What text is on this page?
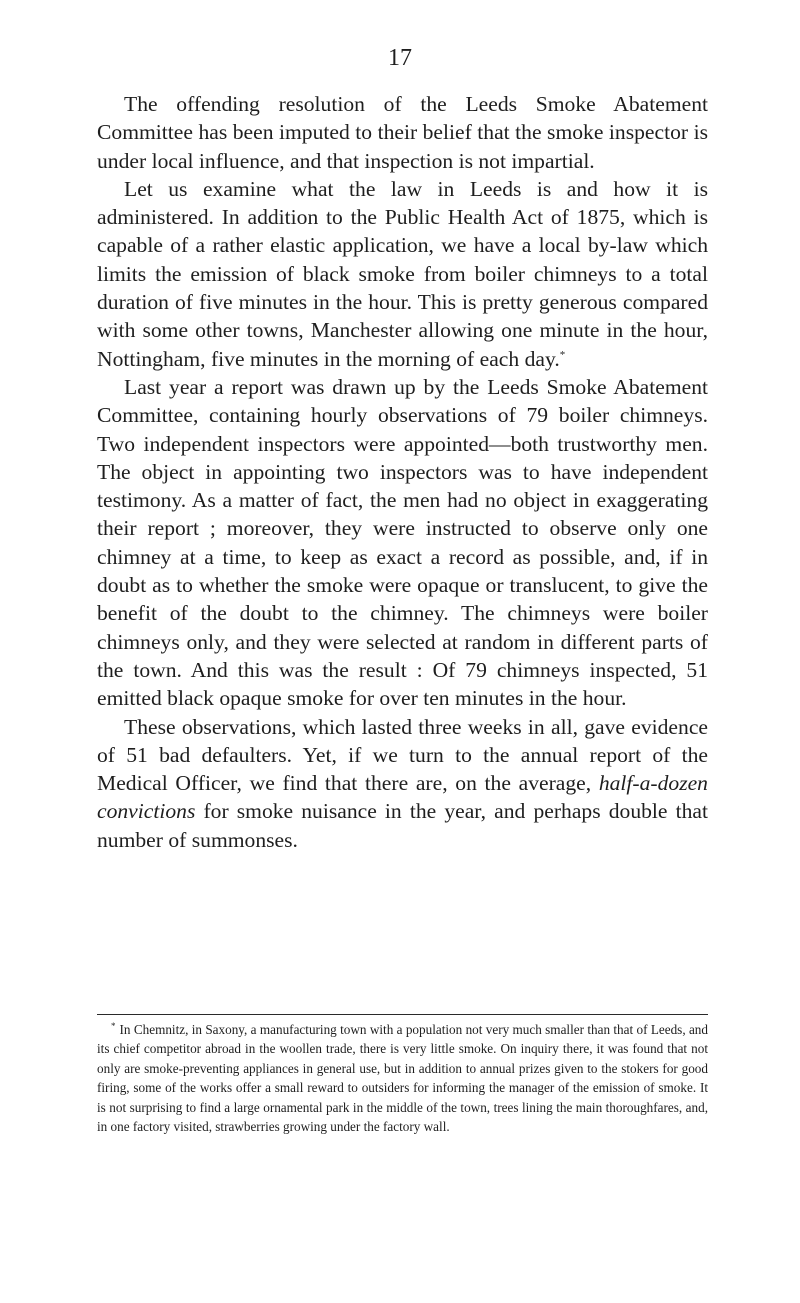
17

The offending resolution of the Leeds Smoke Abatement Committee has been imputed to their belief that the smoke inspector is under local influence, and that inspection is not impartial.

Let us examine what the law in Leeds is and how it is administered. In addition to the Public Health Act of 1875, which is capable of a rather elastic application, we have a local by-law which limits the emission of black smoke from boiler chimneys to a total duration of five minutes in the hour. This is pretty generous compared with some other towns, Manchester allowing one minute in the hour, Nottingham, five minutes in the morning of each day.*

Last year a report was drawn up by the Leeds Smoke Abatement Committee, containing hourly observations of 79 boiler chimneys. Two independent inspectors were appointed—both trustworthy men. The object in appointing two inspectors was to have independent testimony. As a matter of fact, the men had no object in exaggerating their report ; moreover, they were instructed to observe only one chimney at a time, to keep as exact a record as possible, and, if in doubt as to whether the smoke were opaque or translucent, to give the benefit of the doubt to the chimney. The chimneys were boiler chimneys only, and they were selected at random in different parts of the town. And this was the result : Of 79 chimneys inspected, 51 emitted black opaque smoke for over ten minutes in the hour.

These observations, which lasted three weeks in all, gave evidence of 51 bad defaulters. Yet, if we turn to the annual report of the Medical Officer, we find that there are, on the average, half-a-dozen convictions for smoke nuisance in the year, and perhaps double that number of summonses.

* In Chemnitz, in Saxony, a manufacturing town with a population not very much smaller than that of Leeds, and its chief competitor abroad in the woollen trade, there is very little smoke. On inquiry there, it was found that not only are smoke-preventing appliances in general use, but in addition to annual prizes given to the stokers for good firing, some of the works offer a small reward to outsiders for informing the manager of the emission of smoke. It is not surprising to find a large ornamental park in the middle of the town, trees lining the main thoroughfares, and, in one factory visited, strawberries growing under the factory wall.
